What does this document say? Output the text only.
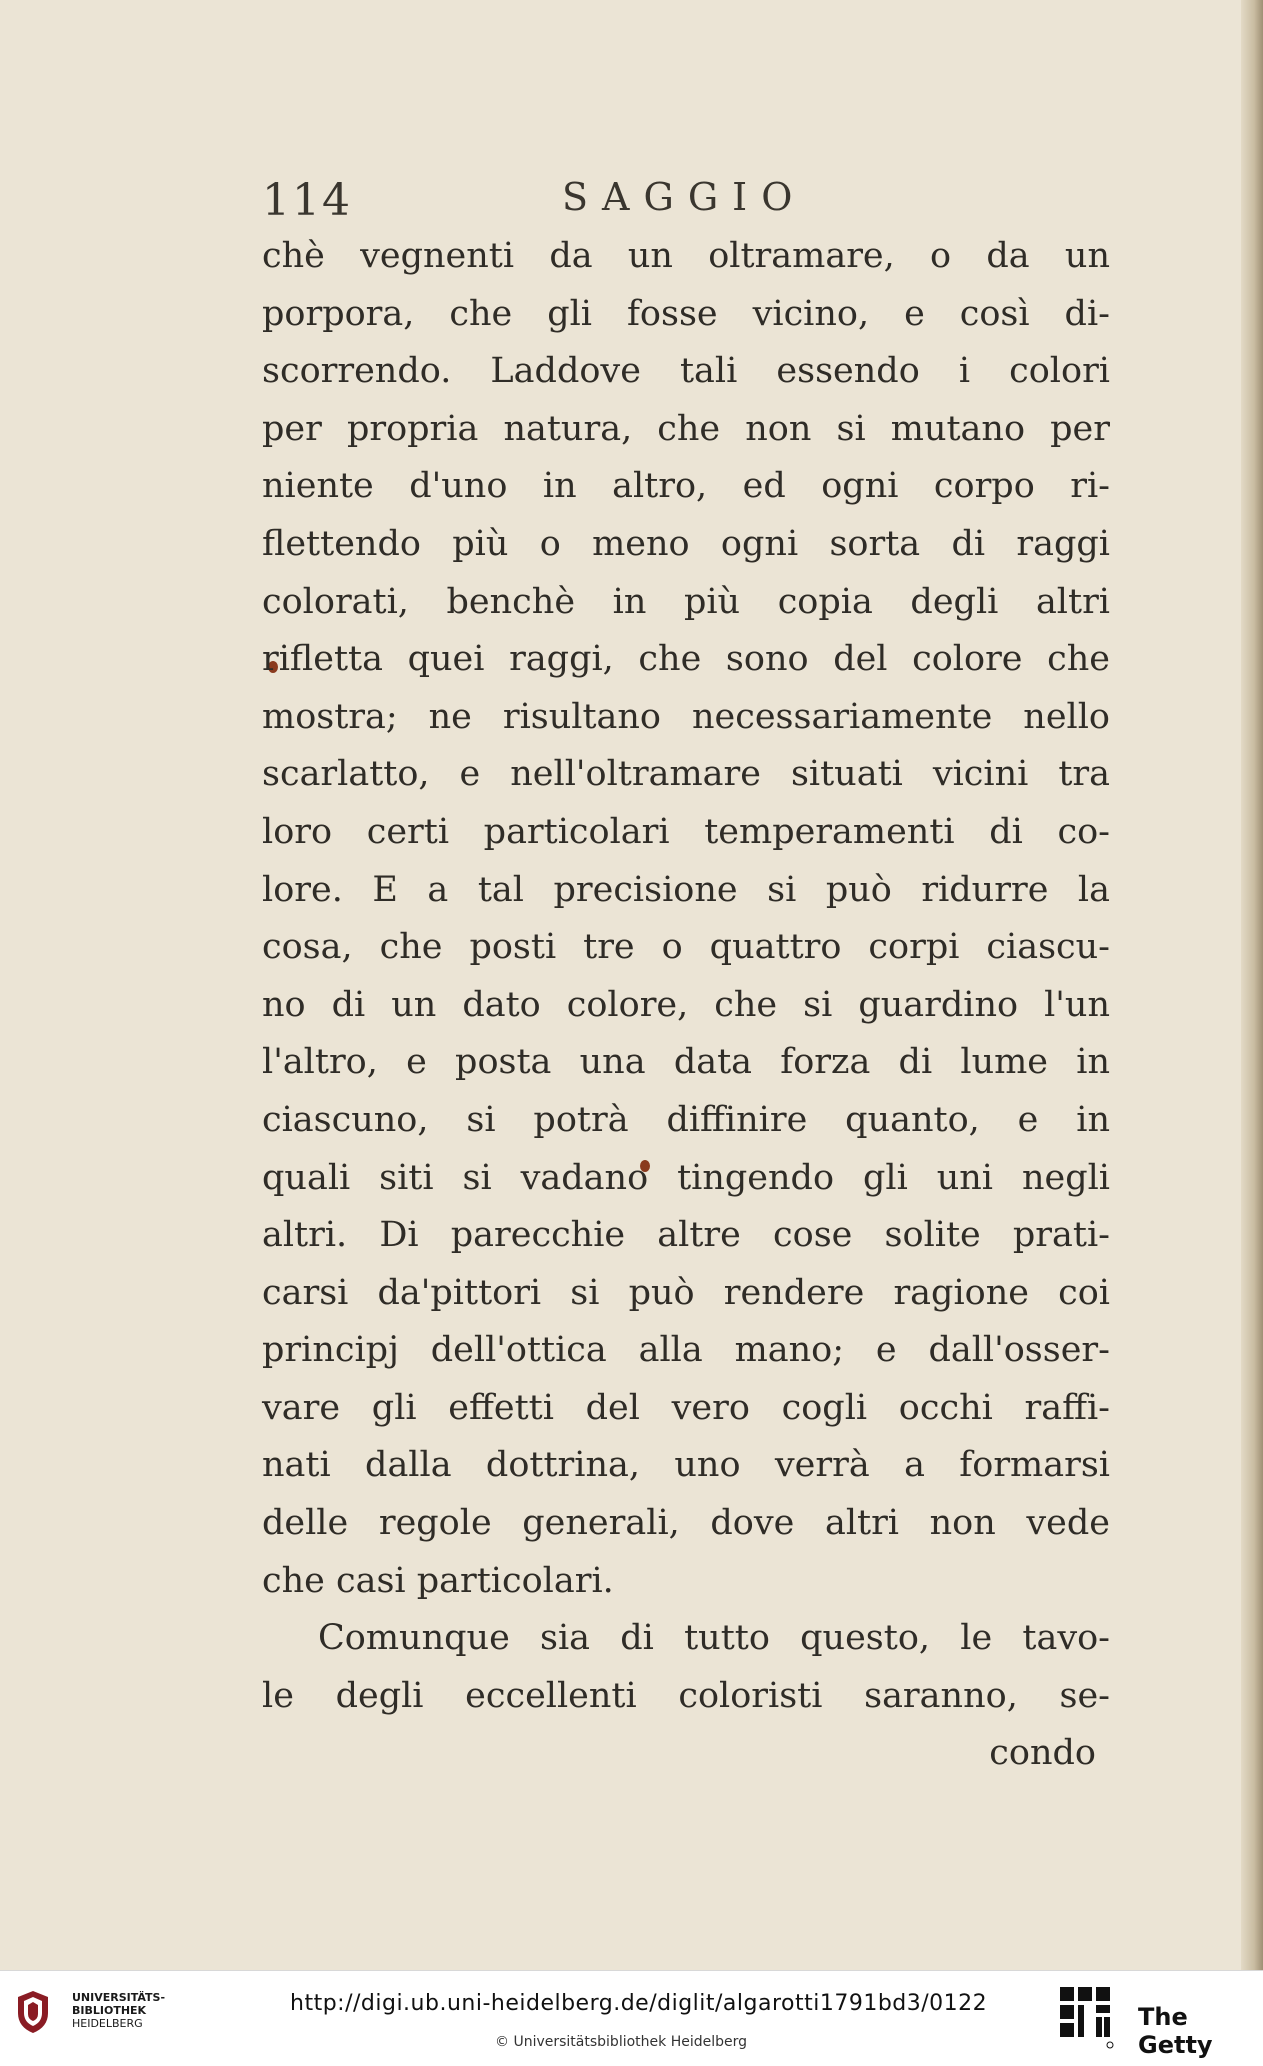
114	SAGGIO
chè vegnenti da un oltramare, o da un
porpora, che gli fosse vicino, e così di-
scorrendo. Laddove tali essendo i colori
per propria natura, che non si mutano per
niente d'uno in altro, ed ogni corpo ri-
flettendo più o meno ogni sorta di raggi
colorati, benchè in più copia degli altri
rifletta quei raggi, che sono del colore che
mostra; ne risultano necessariamente nello
scarlatto, e nell'oltramare situati vicini tra
loro certi particolari temperamenti di co-
lore. E a tal precisione si può ridurre la
cosa, che posti tre o quattro corpi ciascu-
no di un dato colore, che si guardino l'un
l'altro, e posta una data forza di lume in
ciascuno, si potrà diffinire quanto, e in
quali siti si vadano tingendo gli uni negli
altri. Di parecchie altre cose solite prati-
carsi da'pittori si può rendere ragione coi
principj dell'ottica alla mano; e dall'osser-
vare gli effetti del vero cogli occhi raffi-
nati dalla dottrina, uno verrà a formarsi
delle regole generali, dove altri non vede
che casi particolari.
Comunque sia di tutto questo, le tavo-
le degli eccellenti coloristi saranno, se-
condo
UNIVERSITÄTS-
BIBLIOTHEK
HEIDELBERG
http://digi.ub.uni-heidelberg.de/diglit/algarotti1791bd3/0122
© Universitätsbibliothek Heidelberg
The Getty
